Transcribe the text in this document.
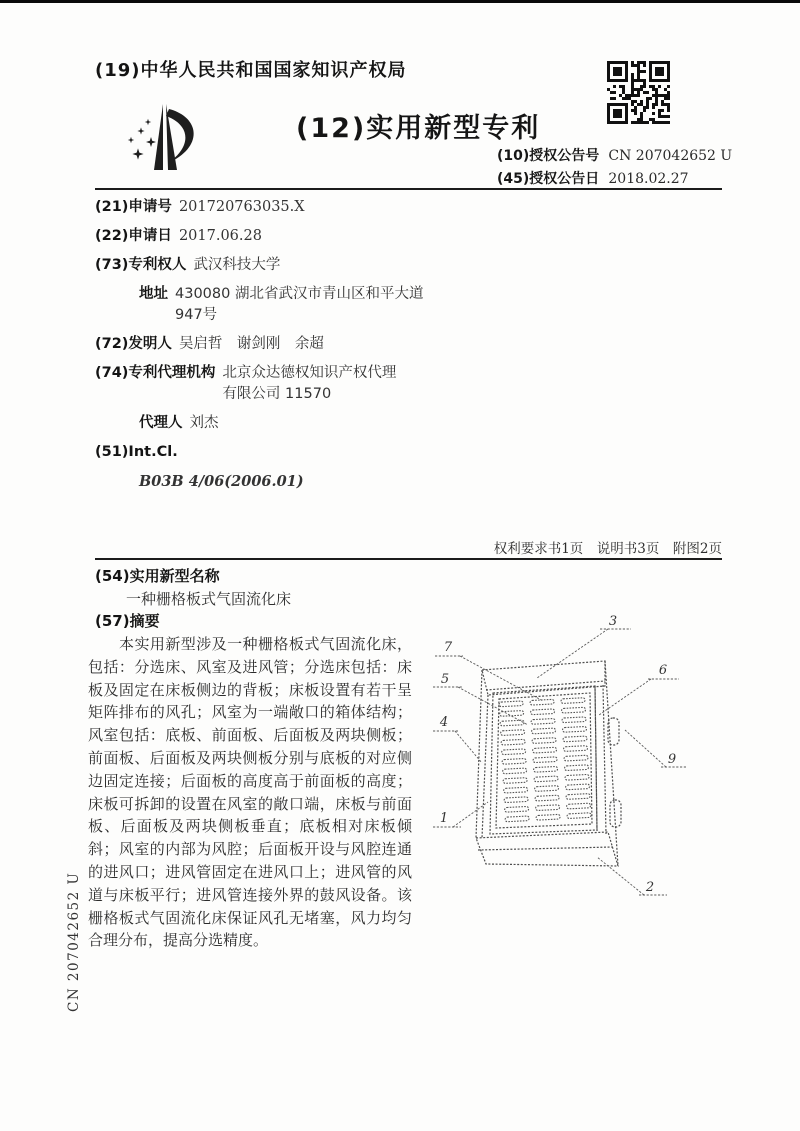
(19)中华人民共和国国家知识产权局
(12)实用新型专利
(10)授权公告号 CN 207042652 U
(45)授权公告日 2018.02.27
(21)申请号 201720763035.X
(22)申请日 2017.06.28
(73)专利权人 武汉科技大学
地址 430080 湖北省武汉市青山区和平大道947号
(72)发明人 吴启哲　谢剑刚　余超
(74)专利代理机构 北京众达德权知识产权代理有限公司 11570
代理人 刘杰
(51)Int.Cl.
B03B 4/06(2006.01)
权利要求书1页　说明书3页　附图2页
(54)实用新型名称
一种栅格板式气固流化床
(57)摘要
本实用新型涉及一种栅格板式气固流化床，包括：分选床、风室及进风管；分选床包括：床板及固定在床板侧边的背板；床板设置有若干呈矩阵排布的风孔；风室为一端敞口的箱体结构；风室包括：底板、前面板、后面板及两块侧板；前面板、后面板及两块侧板分别与底板的对应侧边固定连接；后面板的高度高于前面板的高度；床板可拆卸的设置在风室的敞口端，床板与前面板、后面板及两块侧板垂直；底板相对床板倾斜；风室的内部为风腔；后面板开设与风腔连通的进风口；进风管固定在进风口上；进风管的风道与床板平行；进风管连接外界的鼓风设备。该栅格板式气固流化床保证风孔无堵塞，风力均匀合理分布，提高分选精度。
3
7
5
6
4
9
1
2
CN 207042652 U
